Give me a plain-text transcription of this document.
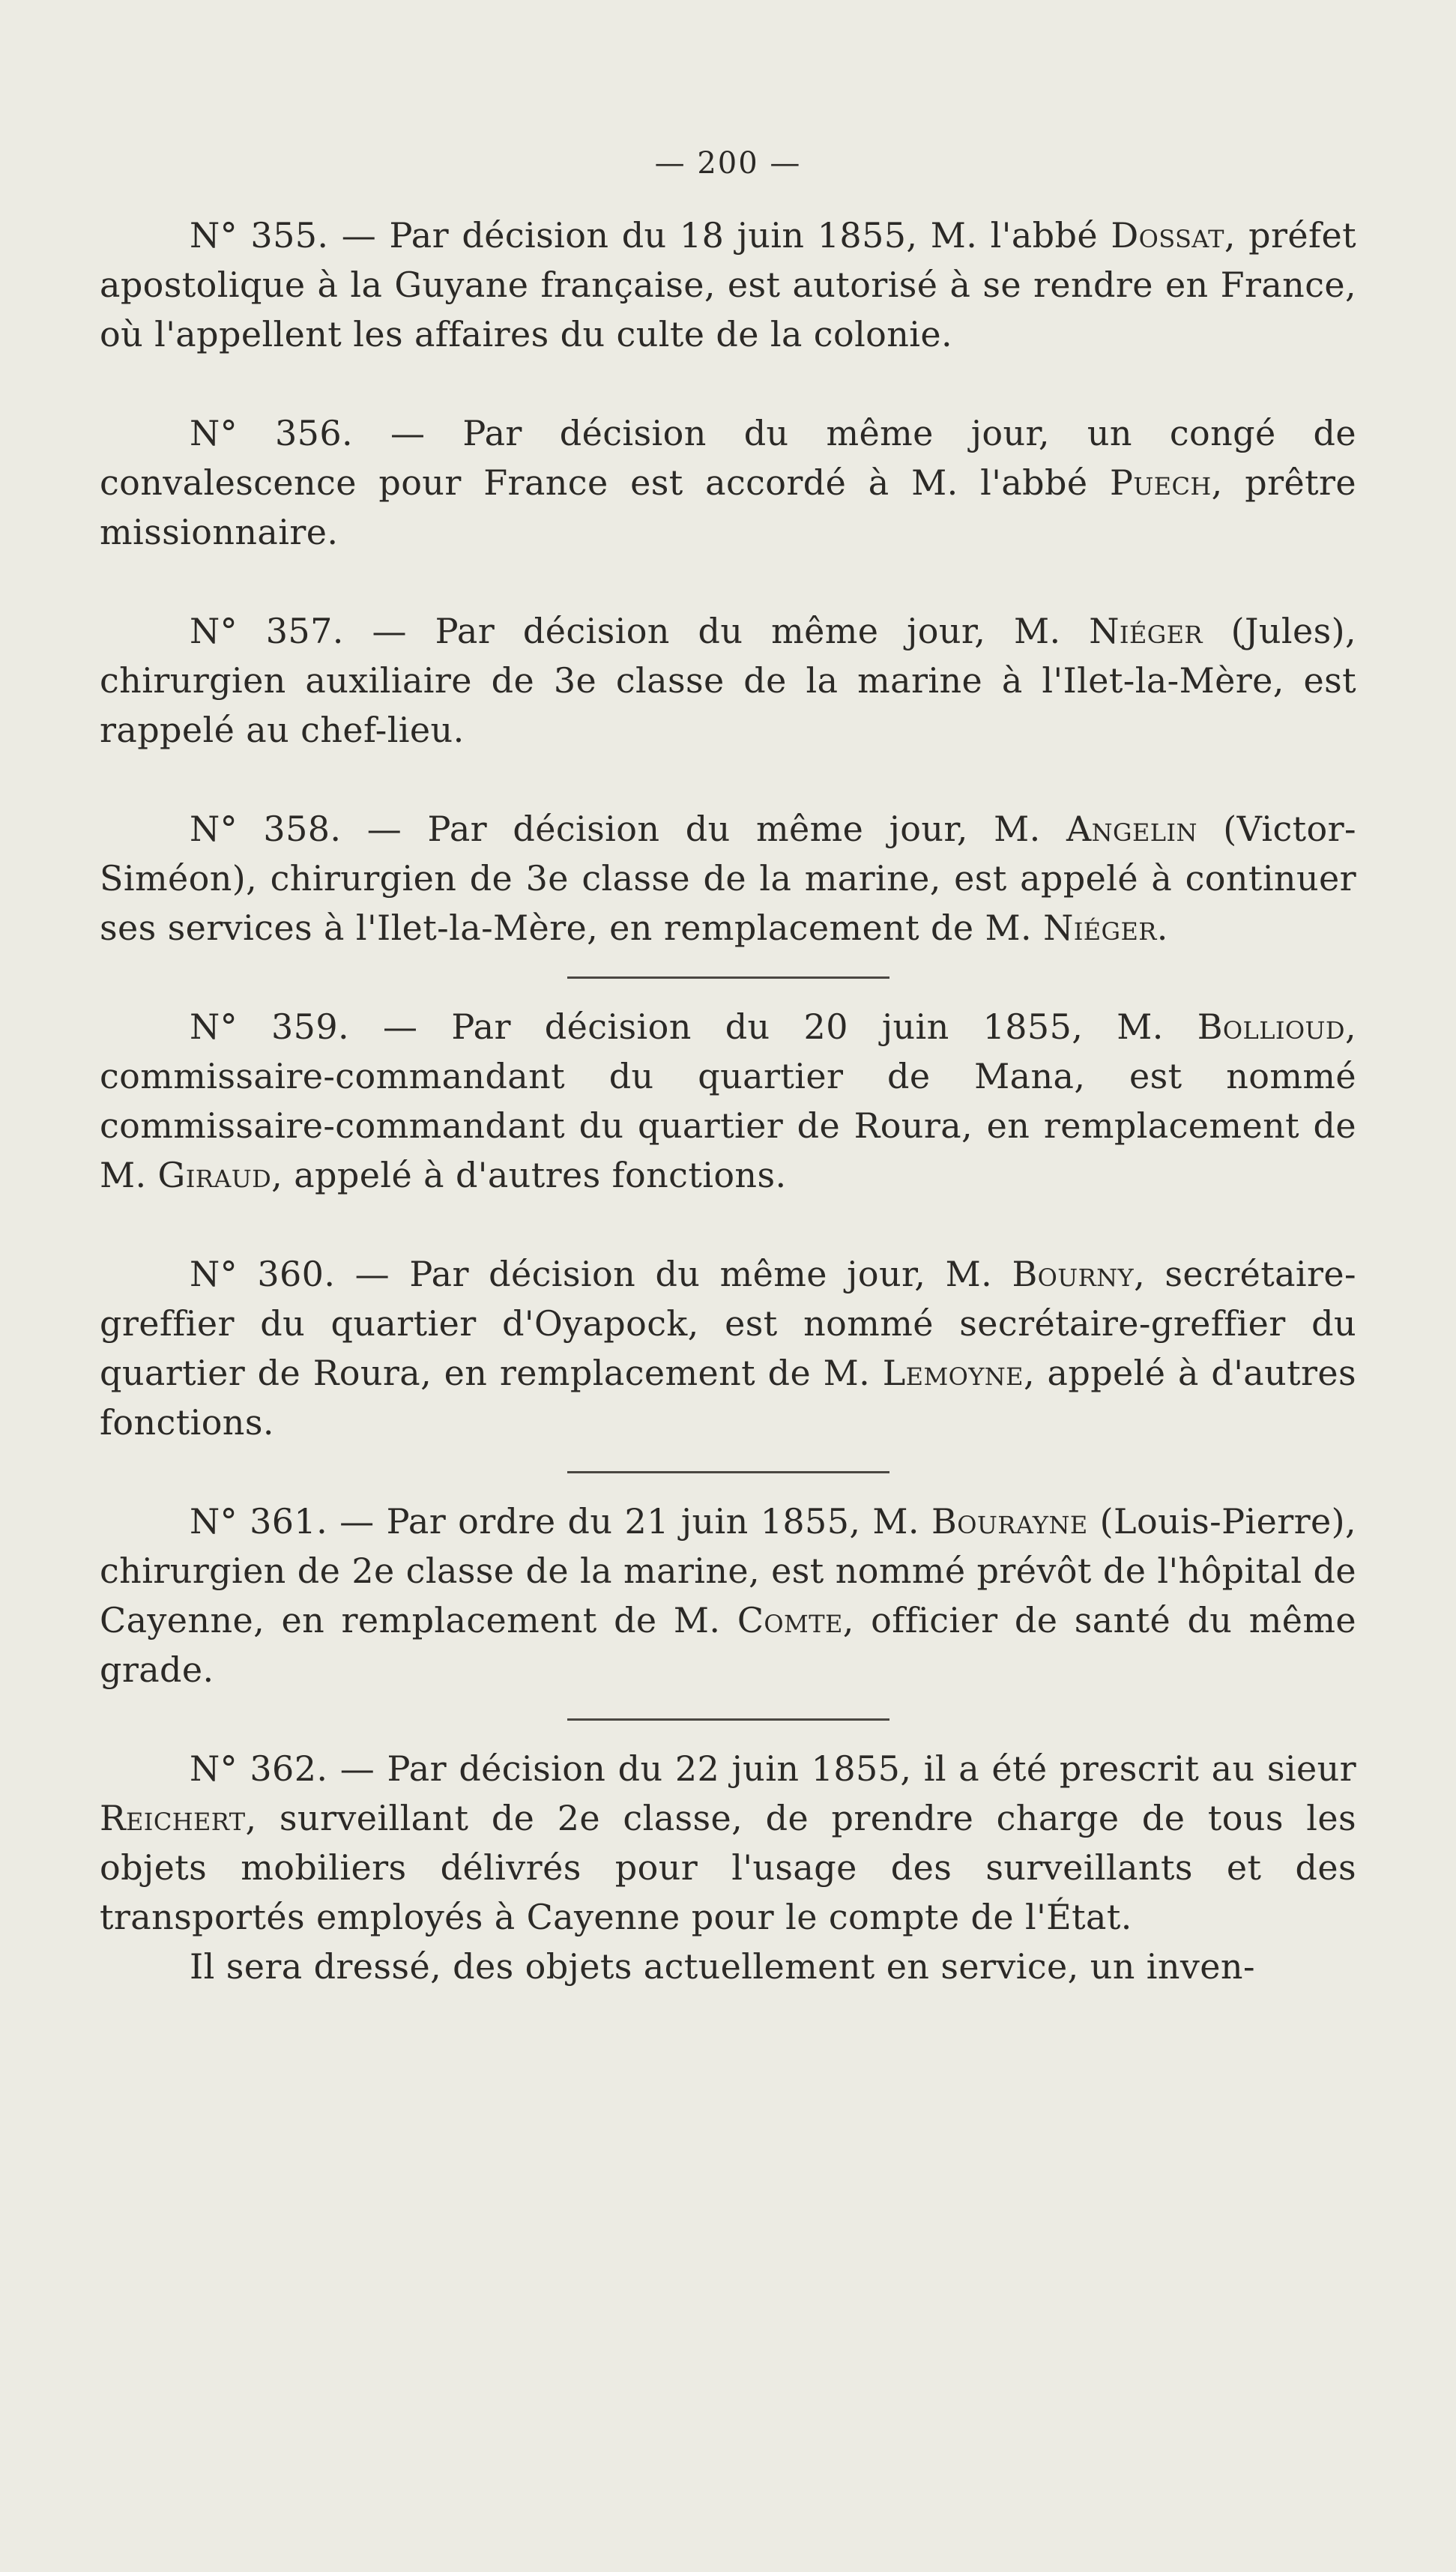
— 200 —

N° 355. — Par décision du 18 juin 1855, M. l'abbé Dossat, préfet apostolique à la Guyane française, est autorisé à se rendre en France, où l'appellent les affaires du culte de la colonie.

N° 356. — Par décision du même jour, un congé de convalescence pour France est accordé à M. l'abbé Puech, prêtre missionnaire.

N° 357. — Par décision du même jour, M. Niéger (Jules), chirurgien auxiliaire de 3e classe de la marine à l'Ilet-la-Mère, est rappelé au chef-lieu.

N° 358. — Par décision du même jour, M. Angelin (Victor-Siméon), chirurgien de 3e classe de la marine, est appelé à continuer ses services à l'Ilet-la-Mère, en remplacement de M. Niéger.

N° 359. — Par décision du 20 juin 1855, M. Bollioud, commissaire-commandant du quartier de Mana, est nommé commissaire-commandant du quartier de Roura, en remplacement de M. Giraud, appelé à d'autres fonctions.

N° 360. — Par décision du même jour, M. Bourny, secrétaire-greffier du quartier d'Oyapock, est nommé secrétaire-greffier du quartier de Roura, en remplacement de M. Lemoyne, appelé à d'autres fonctions.

N° 361. — Par ordre du 21 juin 1855, M. Bourayne (Louis-Pierre), chirurgien de 2e classe de la marine, est nommé prévôt de l'hôpital de Cayenne, en remplacement de M. Comte, officier de santé du même grade.

N° 362. — Par décision du 22 juin 1855, il a été prescrit au sieur Reichert, surveillant de 2e classe, de prendre charge de tous les objets mobiliers délivrés pour l'usage des surveillants et des transportés employés à Cayenne pour le compte de l'État.

Il sera dressé, des objets actuellement en service, un inven-
